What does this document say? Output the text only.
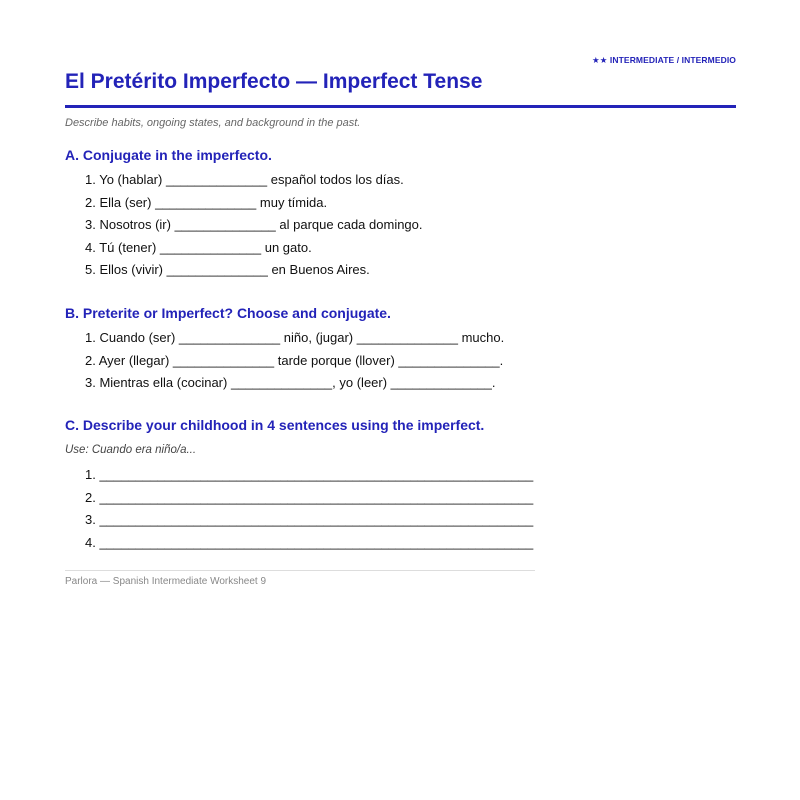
★★ INTERMEDIATE / INTERMEDIO
El Pretérito Imperfecto — Imperfect Tense
Describe habits, ongoing states, and background in the past.
A. Conjugate in the imperfecto.
1. Yo (hablar) ______________ español todos los días.
2. Ella (ser) ______________ muy tímida.
3. Nosotros (ir) ______________ al parque cada domingo.
4. Tú (tener) ______________ un gato.
5. Ellos (vivir) ______________ en Buenos Aires.
B. Preterite or Imperfect? Choose and conjugate.
1. Cuando (ser) ______________ niño, (jugar) ______________ mucho.
2. Ayer (llegar) ______________ tarde porque (llover) ______________.
3. Mientras ella (cocinar) ______________, yo (leer) ______________.
C. Describe your childhood in 4 sentences using the imperfect.
Use: Cuando era niño/a...
1. ____________________________________________________________
2. ____________________________________________________________
3. ____________________________________________________________
4. ____________________________________________________________
Parlora — Spanish Intermediate Worksheet 9
